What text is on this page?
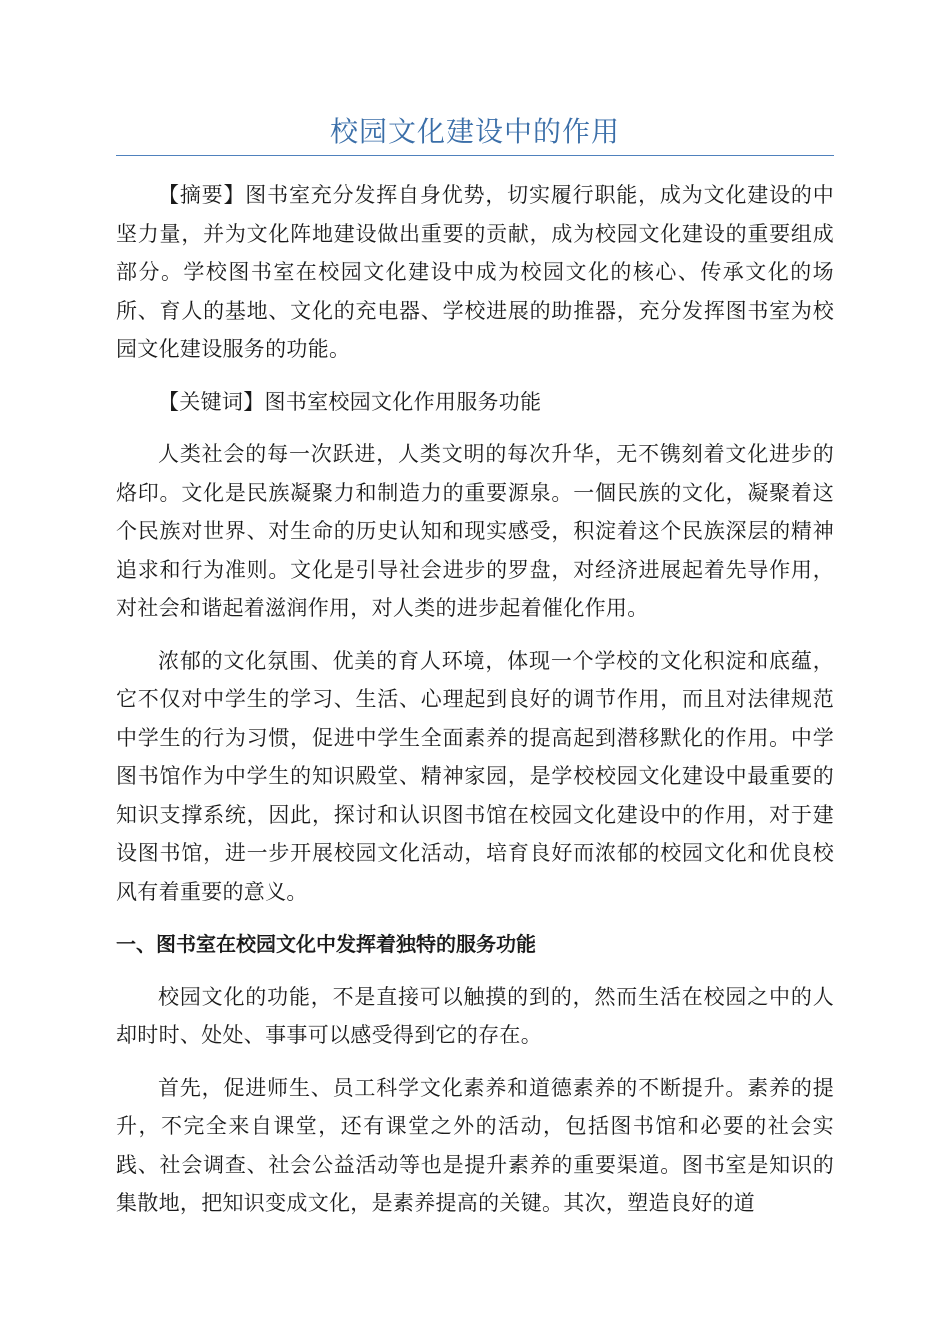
校园文化建设中的作用

【摘要】图书室充分发挥自身优势，切实履行职能，成为文化建设的中坚力量，并为文化阵地建设做出重要的贡献，成为校园文化建设的重要组成部分。学校图书室在校园文化建设中成为校园文化的核心、传承文化的场所、育人的基地、文化的充电器、学校进展的助推器，充分发挥图书室为校园文化建设服务的功能。

【关键词】图书室校园文化作用服务功能

人类社会的每一次跃进，人类文明的每次升华，无不镌刻着文化进步的烙印。文化是民族凝聚力和制造力的重要源泉。一個民族的文化，凝聚着这个民族对世界、对生命的历史认知和现实感受，积淀着这个民族深层的精神追求和行为准则。文化是引导社会进步的罗盘，对经济进展起着先导作用，对社会和谐起着滋润作用，对人类的进步起着催化作用。

浓郁的文化氛围、优美的育人环境，体现一个学校的文化积淀和底蕴，它不仅对中学生的学习、生活、心理起到良好的调节作用，而且对法律规范中学生的行为习惯，促进中学生全面素养的提高起到潜移默化的作用。中学图书馆作为中学生的知识殿堂、精神家园，是学校校园文化建设中最重要的知识支撑系统，因此，探讨和认识图书馆在校园文化建设中的作用，对于建设图书馆，进一步开展校园文化活动，培育良好而浓郁的校园文化和优良校风有着重要的意义。

一、图书室在校园文化中发挥着独特的服务功能

校园文化的功能，不是直接可以触摸的到的，然而生活在校园之中的人却时时、处处、事事可以感受得到它的存在。

首先，促进师生、员工科学文化素养和道德素养的不断提升。素养的提升，不完全来自课堂，还有课堂之外的活动，包括图书馆和必要的社会实践、社会调查、社会公益活动等也是提升素养的重要渠道。图书室是知识的集散地，把知识变成文化，是素养提高的关键。其次，塑造良好的道
